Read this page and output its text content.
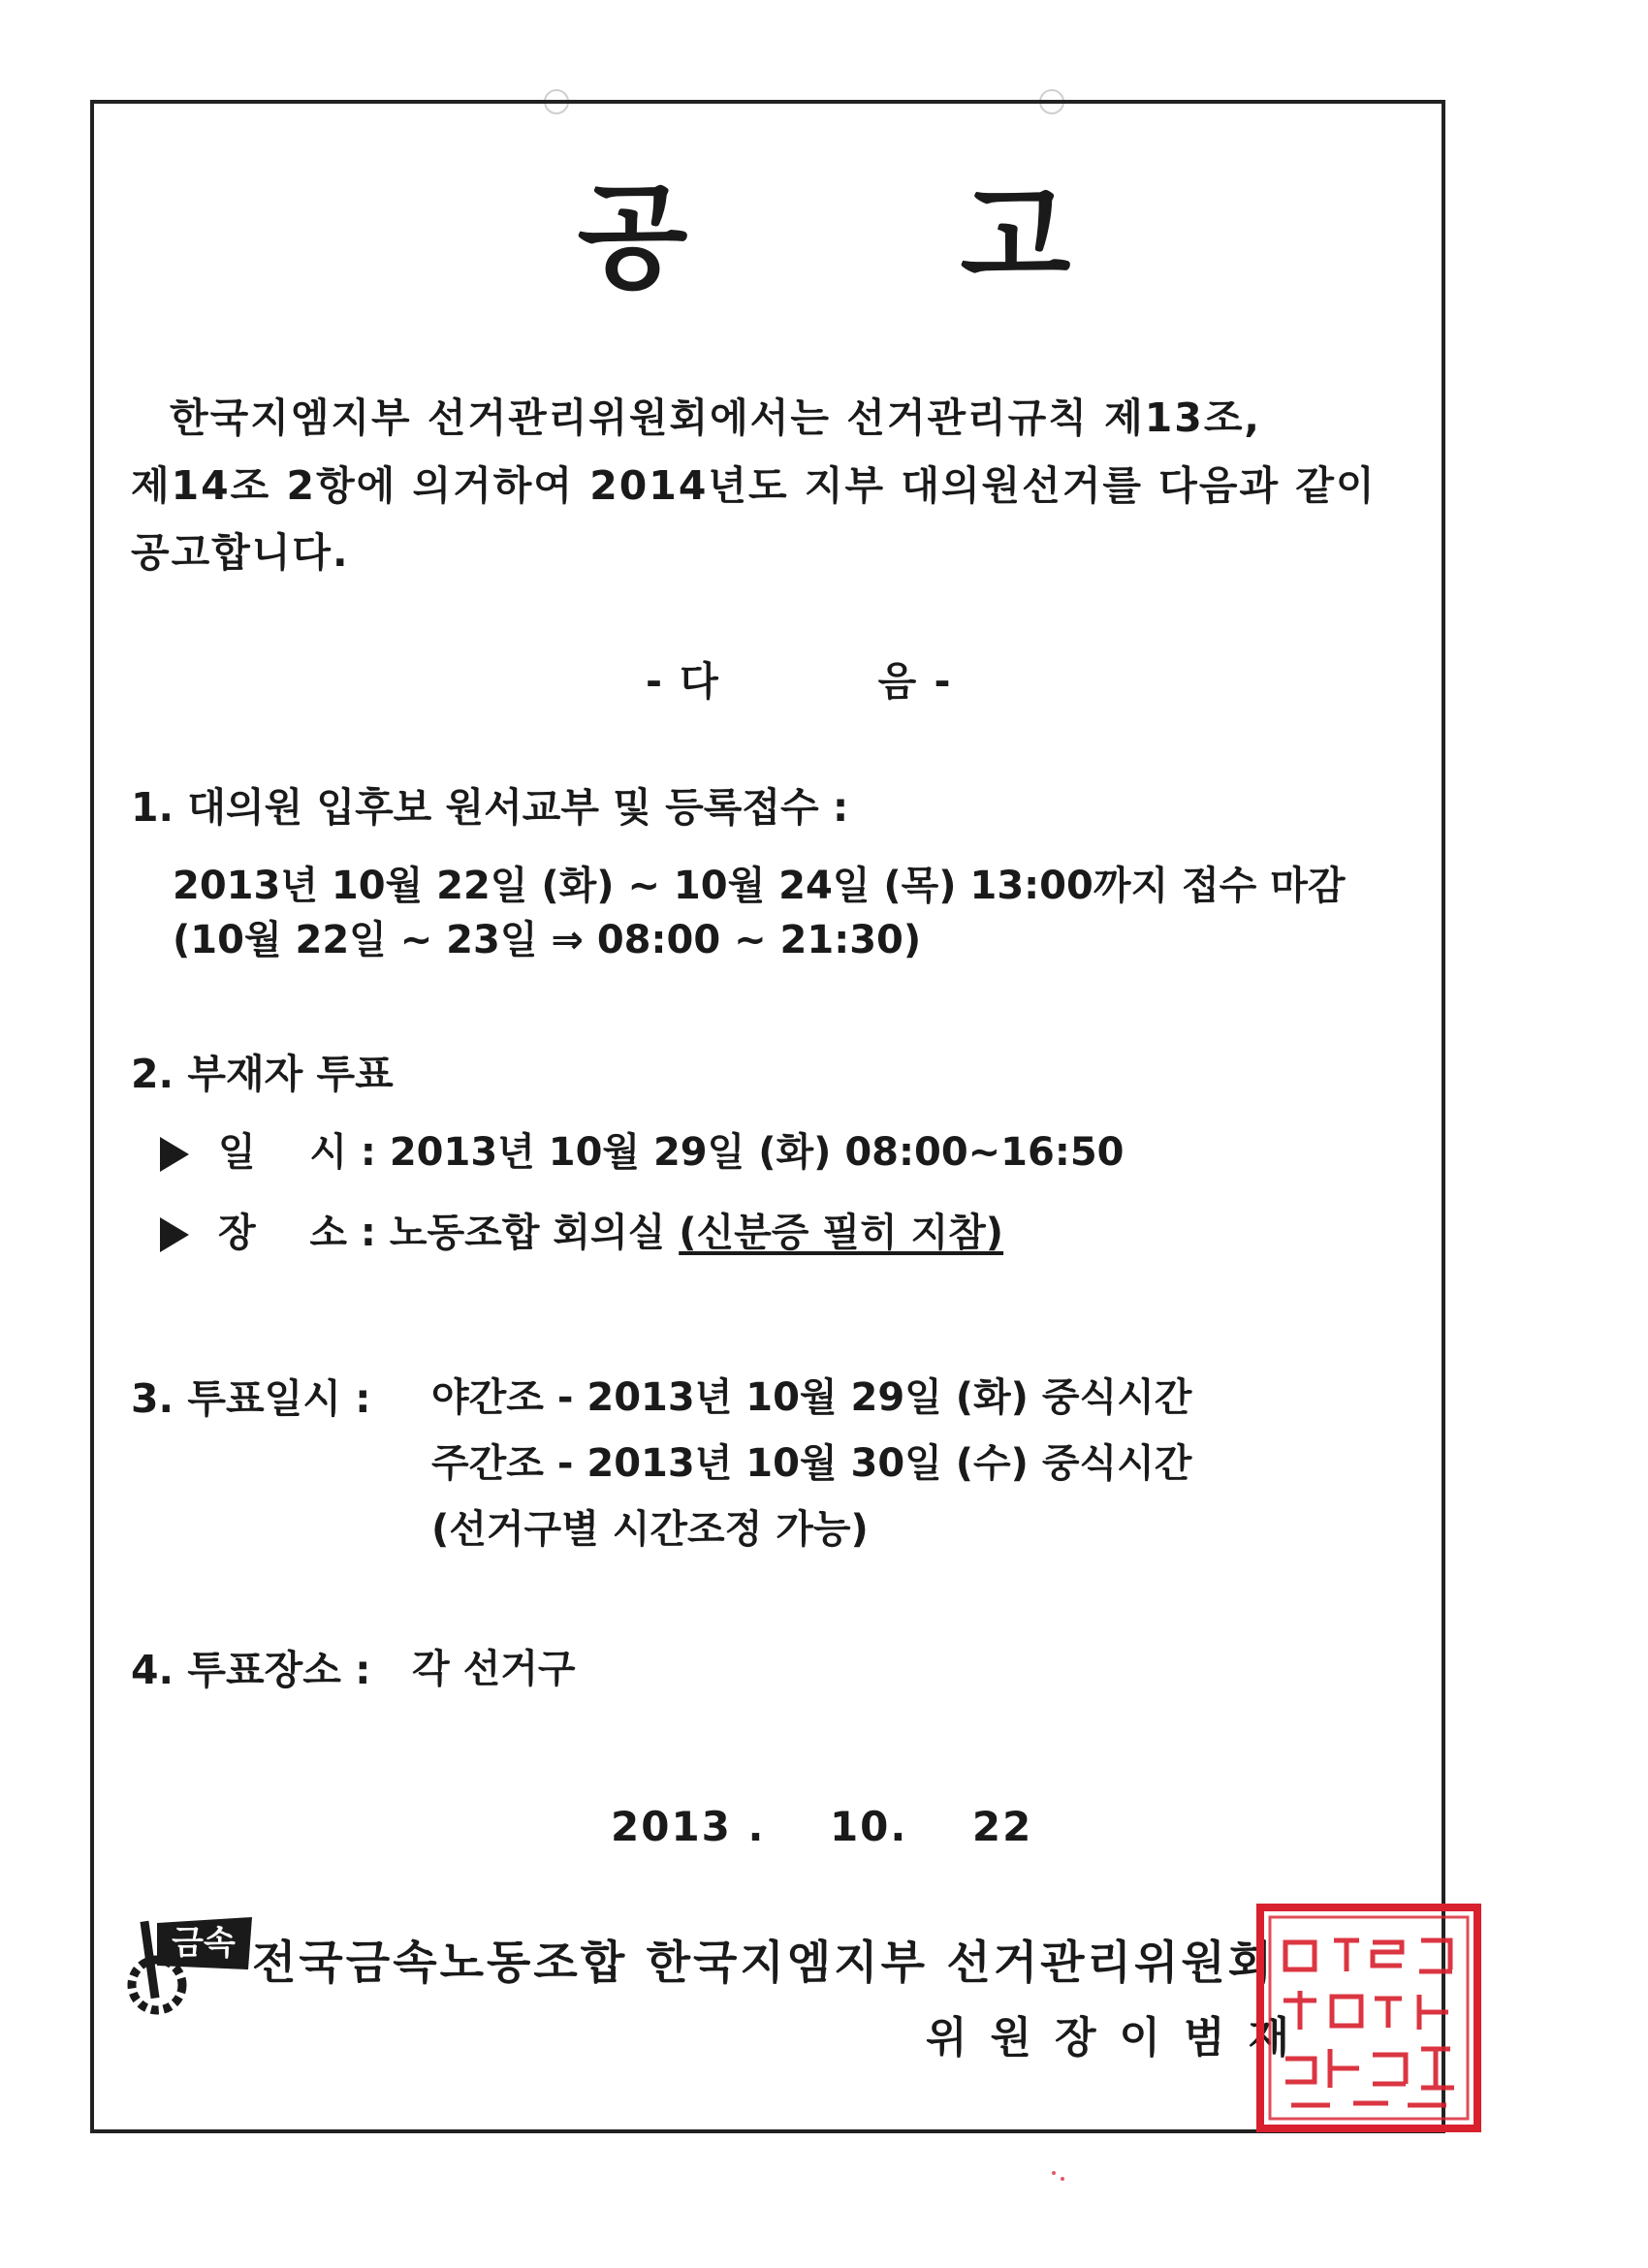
공 고
한국지엠지부 선거관리위원회에서는 선거관리규칙 제13조,
제14조 2항에 의거하여 2014년도 지부 대의원선거를 다음과 같이
공고합니다.
- 다          음 -
1. 대의원 입후보 원서교부 및 등록접수 :
2013년 10월 22일 (화) ~ 10월 24일 (목) 13:00까지 접수 마감
(10월 22일 ~ 23일 ⇒ 08:00 ~ 21:30)
2. 부재자 투표
일    시 : 2013년 10월 29일 (화) 08:00~16:50
장    소 : 노동조합 회의실 (신분증 필히 지참)
3. 투표일시 : 야간조 - 2013년 10월 29일 (화) 중식시간
주간조 - 2013년 10월 30일 (수) 중식시간
(선거구별 시간조정 가능)
4. 투표장소 : 각 선거구
2013 .    10.    22
금속 전국금속노동조합 한국지엠지부 선거관리위원회
위원장이범재
